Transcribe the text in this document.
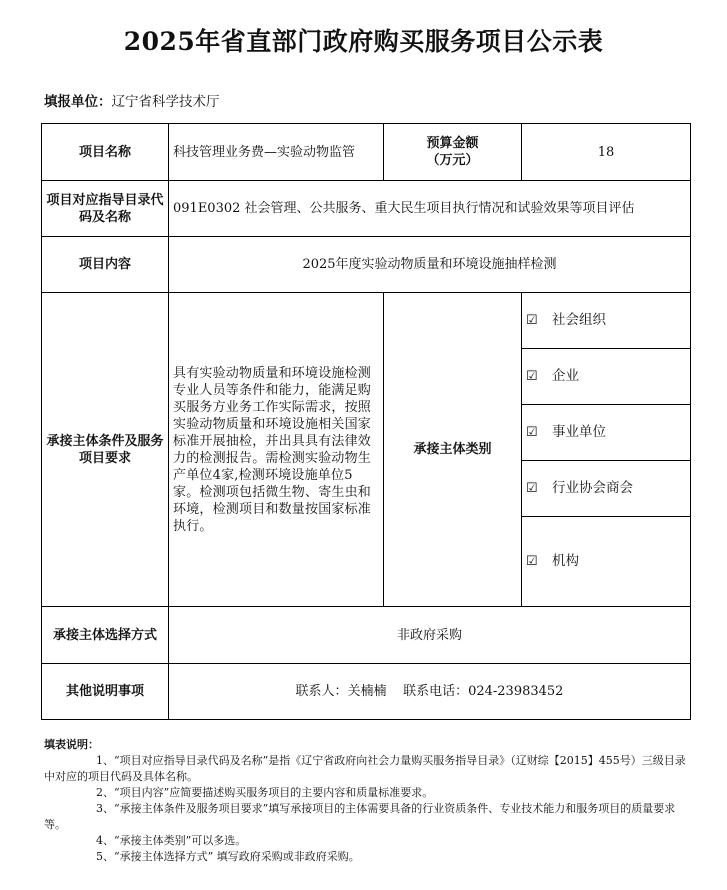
2025年省直部门政府购买服务项目公示表
填报单位：辽宁省科学技术厅
项目名称	科技管理业务费—实验动物监管	预算金额
（万元）	18
项目对应指导目录代码及名称	091E0302 社会管理、公共服务、重大民生项目执行情况和试验效果等项目评估		
项目内容	2025年度实验动物质量和环境设施抽样检测		
承接主体条件及服务项目要求	具有实验动物质量和环境设施检测专业人员等条件和能力，能满足购买服务方业务工作实际需求，按照实验动物质量和环境设施相关国家标准开展抽检，并出具具有法律效力的检测报告。需检测实验动物生产单位4家,检测环境设施单位5家。检测项包括微生物、寄生虫和环境，检测项目和数量按国家标准执行。	承接主体类别	☑ 社会组织
			☑ 企业
			☑ 事业单位
			☑ 行业协会商会
			☑ 机构
承接主体选择方式	非政府采购		
其他说明事项	联系人：关楠楠    联系电话：024-23983452		
填表说明：
1、“项目对应指导目录代码及名称”是指《辽宁省政府向社会力量购买服务指导目录》（辽财综【2015】455号）三级目录中对应的项目代码及具体名称。
2、“项目内容”应简要描述购买服务项目的主要内容和质量标准要求。
3、“承接主体条件及服务项目要求”填写承接项目的主体需要具备的行业资质条件、专业技术能力和服务项目的质量要求等。
4、“承接主体类别”可以多选。
5、“承接主体选择方式” 填写政府采购或非政府采购。
